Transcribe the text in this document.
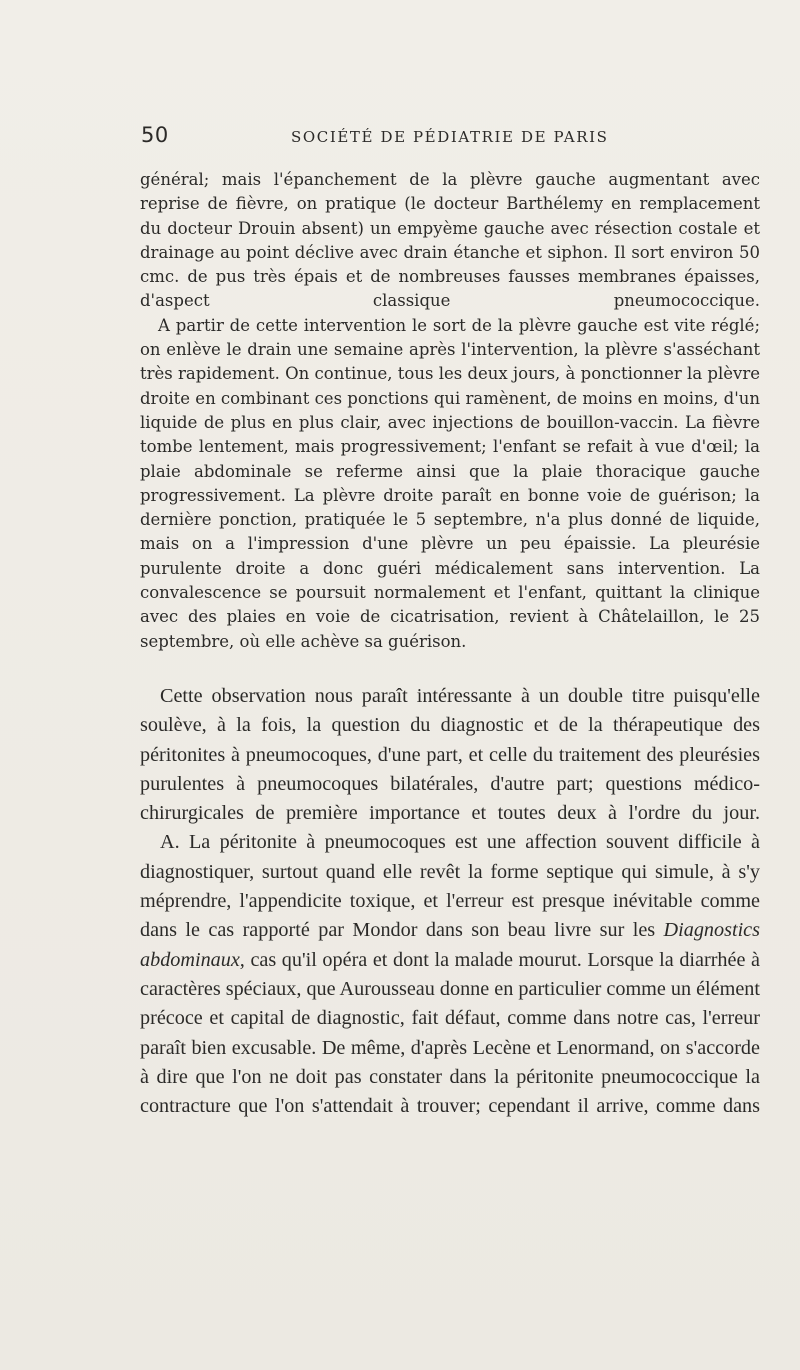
50	SOCIÉTÉ DE PÉDIATRIE DE PARIS

général; mais l'épanchement de la plèvre gauche augmentant avec reprise de fièvre, on pratique (le docteur Barthélemy en remplacement du docteur Drouin absent) un empyème gauche avec résection costale et drainage au point déclive avec drain étanche et siphon. Il sort environ 50 cmc. de pus très épais et de nombreuses fausses membranes épaisses, d'aspect classique pneumococcique.

A partir de cette intervention le sort de la plèvre gauche est vite réglé; on enlève le drain une semaine après l'intervention, la plèvre s'asséchant très rapidement. On continue, tous les deux jours, à ponctionner la plèvre droite en combinant ces ponctions qui ramènent, de moins en moins, d'un liquide de plus en plus clair, avec injections de bouillon-vaccin. La fièvre tombe lentement, mais progressivement; l'enfant se refait à vue d'œil; la plaie abdominale se referme ainsi que la plaie thoracique gauche progressivement. La plèvre droite paraît en bonne voie de guérison; la dernière ponction, pratiquée le 5 septembre, n'a plus donné de liquide, mais on a l'impression d'une plèvre un peu épaissie. La pleurésie purulente droite a donc guéri médicalement sans intervention. La convalescence se poursuit normalement et l'enfant, quittant la clinique avec des plaies en voie de cicatrisation, revient à Châtelaillon, le 25 septembre, où elle achève sa guérison.

Cette observation nous paraît intéressante à un double titre puisqu'elle soulève, à la fois, la question du diagnostic et de la thérapeutique des péritonites à pneumocoques, d'une part, et celle du traitement des pleurésies purulentes à pneumocoques bilatérales, d'autre part; questions médico-chirurgicales de première importance et toutes deux à l'ordre du jour.

A. La péritonite à pneumocoques est une affection souvent difficile à diagnostiquer, surtout quand elle revêt la forme septique qui simule, à s'y méprendre, l'appendicite toxique, et l'erreur est presque inévitable comme dans le cas rapporté par Mondor dans son beau livre sur les Diagnostics abdominaux, cas qu'il opéra et dont la malade mourut. Lorsque la diarrhée à caractères spéciaux, que Aurousseau donne en particulier comme un élément précoce et capital de diagnostic, fait défaut, comme dans notre cas, l'erreur paraît bien excusable. De même, d'après Lecène et Lenormand, on s'accorde à dire que l'on ne doit pas constater dans la péritonite pneumococcique la contracture que l'on s'attendait à trouver; cependant il arrive, comme dans
